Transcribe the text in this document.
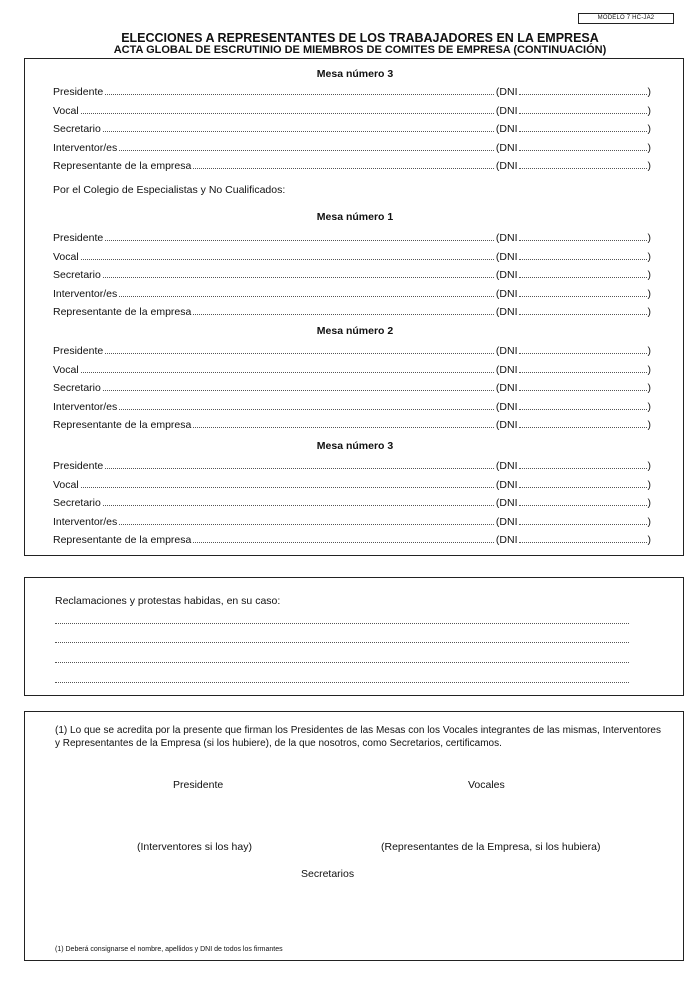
MODELO 7 HC-JA2
ELECCIONES A REPRESENTANTES DE LOS TRABAJADORES EN LA EMPRESA
ACTA GLOBAL DE ESCRUTINIO DE MIEMBROS DE COMITES DE EMPRESA (CONTINUACIÓN)
Mesa número 3
Presidente	(DNI	)
Vocal	(DNI	)
Secretario	(DNI	)
Interventor/es	(DNI	)
Representante de la empresa	(DNI	)
Por el Colegio de Especialistas y No Cualificados:
Mesa número 1
Presidente	(DNI	)
Vocal	(DNI	)
Secretario	(DNI	)
Interventor/es	(DNI	)
Representante de la empresa	(DNI	)
Mesa número 2
Presidente	(DNI	)
Vocal	(DNI	)
Secretario	(DNI	)
Interventor/es	(DNI	)
Representante de la empresa	(DNI	)
Mesa número 3
Presidente	(DNI	)
Vocal	(DNI	)
Secretario	(DNI	)
Interventor/es	(DNI	)
Representante de la empresa	(DNI	)
Reclamaciones y protestas habidas, en su caso:
(1) Lo que se acredita por la presente que firman los Presidentes de las Mesas con los Vocales integrantes de las mismas, Interventores y Representantes de la Empresa (si los hubiere), de la que nosotros, como Secretarios, certificamos.
Presidente	Vocales
(Interventores si los hay)	(Representantes de la Empresa, si los hubiera)
Secretarios
(1) Deberá consignarse el nombre, apellidos y DNI de todos los firmantes
